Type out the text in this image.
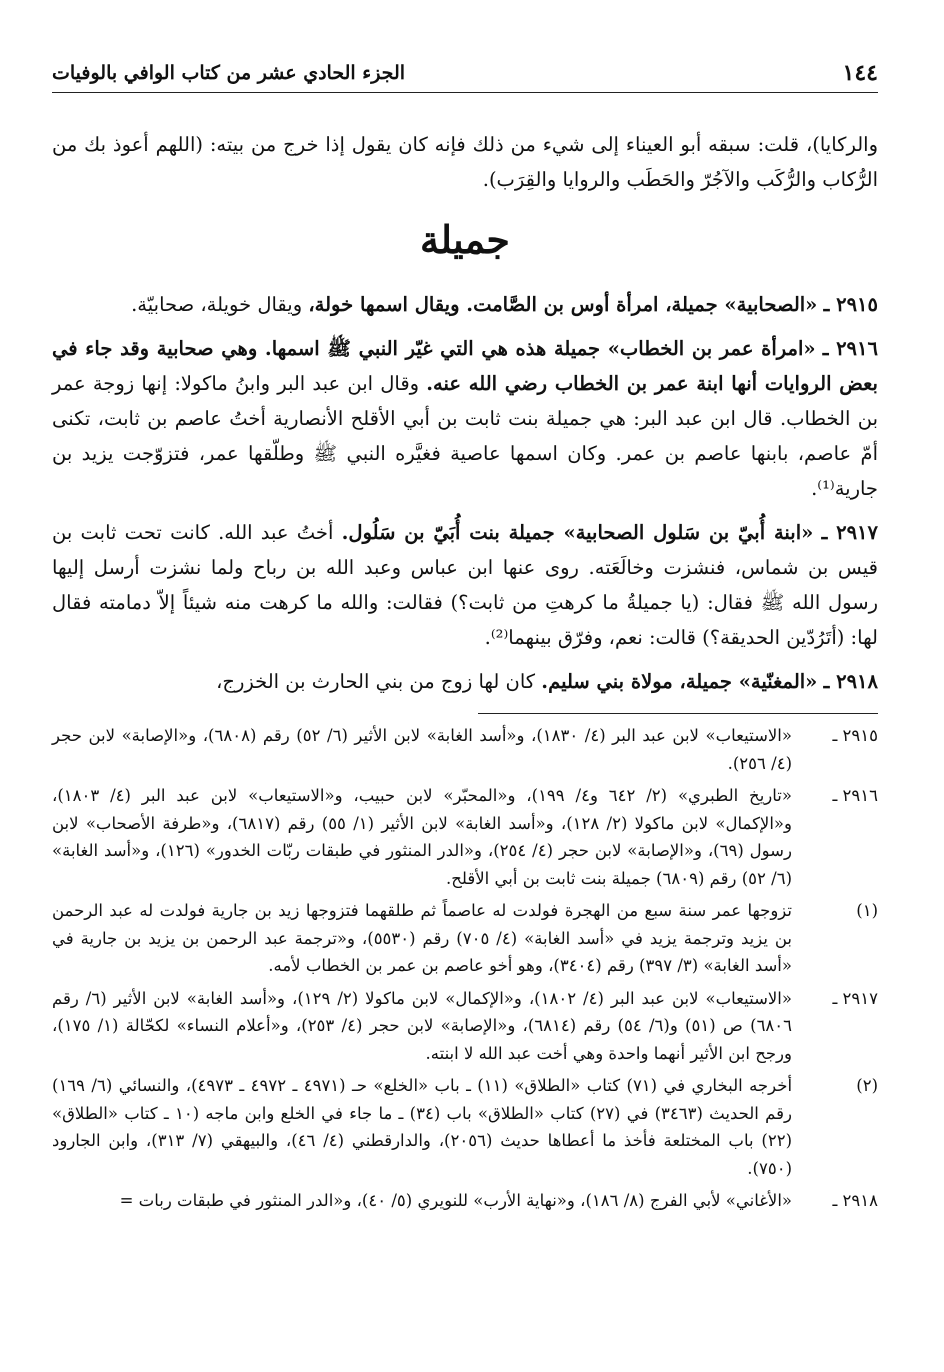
١٤٤
الجزء الحادي عشر من كتاب الوافي بالوفيات

والركايا)، قلت: سبقه أبو العيناء إلى شيء من ذلك فإنه كان يقول إذا خرج من بيته: (اللهم أعوذ بك من الرُّكاب والرُّكَب والآجُرّ والحَطَب والروايا والقِرَب).

جميلة

٢٩١٥ ـ «الصحابية» جميلة، امرأة أوس بن الصَّامت. ويقال اسمها خولة، ويقال خويلة، صحابيّة.

٢٩١٦ ـ «امرأة عمر بن الخطاب» جميلة هذه هي التي غيّر النبي ﷺ اسمها. وهي صحابية وقد جاء في بعض الروايات أنها ابنة عمر بن الخطاب رضي الله عنه. وقال ابن عبد البر وابنُ ماكولا: إنها زوجة عمر بن الخطاب. قال ابن عبد البر: هي جميلة بنت ثابت بن أبي الأقلح الأنصارية أختُ عاصم بن ثابت، تكنى أمّ عاصم، بابنها عاصم بن عمر. وكان اسمها عاصية فغيَّره النبي ﷺ وطلّقها عمر، فتزوّجت يزيد بن جارية⁽¹⁾.

٢٩١٧ ـ «ابنة أُبيّ بن سَلول الصحابية» جميلة بنت أُبَيّ بن سَلُول. أختُ عبد الله. كانت تحت ثابت بن قيس بن شماس، فنشزت وخالَعَته. روى عنها ابن عباس وعبد الله بن رباح ولما نشزت أرسل إليها رسول الله ﷺ فقال: (يا جميلةُ ما كرهتِ من ثابت؟) فقالت: والله ما كرهت منه شيئاً إلاّ دمامته فقال لها: (أتَرُدّين الحديقة؟) قالت: نعم، وفرّق بينهما⁽²⁾.

٢٩١٨ ـ «المغنّية» جميلة، مولاة بني سليم. كان لها زوج من بني الحارث بن الخزرج،

٢٩١٥ ـ
«الاستيعاب» لابن عبد البر (٤/ ١٨٣٠)، و«أسد الغابة» لابن الأثير (٦/ ٥٢) رقم (٦٨٠٨)، و«الإصابة» لابن حجر (٤/ ٢٥٦).
٢٩١٦ ـ
«تاريخ الطبري» (٢/ ٦٤٢ و٤/ ١٩٩)، و«المحبّر» لابن حبيب، و«الاستيعاب» لابن عبد البر (٤/ ١٨٠٣)، و«الإكمال» لابن ماكولا (٢/ ١٢٨)، و«أسد الغابة» لابن الأثير (١/ ٥٥) رقم (٦٨١٧)، و«طرفة الأصحاب» لابن رسول (٦٩)، و«الإصابة» لابن حجر (٤/ ٢٥٤)، و«الدر المنثور في طبقات ربّات الخدور» (١٢٦)، و«أسد الغابة» (٦/ ٥٢) رقم (٦٨٠٩) جميلة بنت ثابت بن أبي الأقلح.
(١)
تزوجها عمر سنة سبع من الهجرة فولدت له عاصماً ثم طلقهما فتزوجها زيد بن جارية فولدت له عبد الرحمن بن يزيد وترجمة يزيد في «أسد الغابة» (٤/ ٧٠٥) رقم (٥٥٣٠)، و«ترجمة عبد الرحمن بن يزيد بن جارية في «أسد الغابة» (٣/ ٣٩٧) رقم (٣٤٠٤)، وهو أخو عاصم بن عمر بن الخطاب لأمه.
٢٩١٧ ـ
«الاستيعاب» لابن عبد البر (٤/ ١٨٠٢)، و«الإكمال» لابن ماكولا (٢/ ١٢٩)، و«أسد الغابة» لابن الأثير (٦/ رقم ٦٨٠٦) ص (٥١) و(٦/ ٥٤) رقم (٦٨١٤)، و«الإصابة» لابن حجر (٤/ ٢٥٣)، و«أعلام النساء» لكحّالة (١/ ١٧٥)، ورجح ابن الأثير أنهما واحدة وهي أخت عبد الله لا ابنته.
(٢)
أخرجه البخاري في (٧١) كتاب «الطلاق» (١١) ـ باب «الخلع» حـ (٤٩٧١ ـ ٤٩٧٢ ـ ٤٩٧٣)، والنسائي (٦/ ١٦٩) رقم الحديث (٣٤٦٣) في (٢٧) كتاب «الطلاق» باب (٣٤) ـ ما جاء في الخلع وابن ماجه (١٠ ـ كتاب «الطلاق» (٢٢) باب المختلعة فأخذ ما أعطاها حديث (٢٠٥٦)، والدارقطني (٤/ ٤٦)، والبيهقي (٧/ ٣١٣)، وابن الجارود (٧٥٠).
٢٩١٨ ـ
«الأغاني» لأبي الفرج (٨/ ١٨٦)، و«نهاية الأرب» للنويري (٥/ ٤٠)، و«الدر المنثور في طبقات ربات =
